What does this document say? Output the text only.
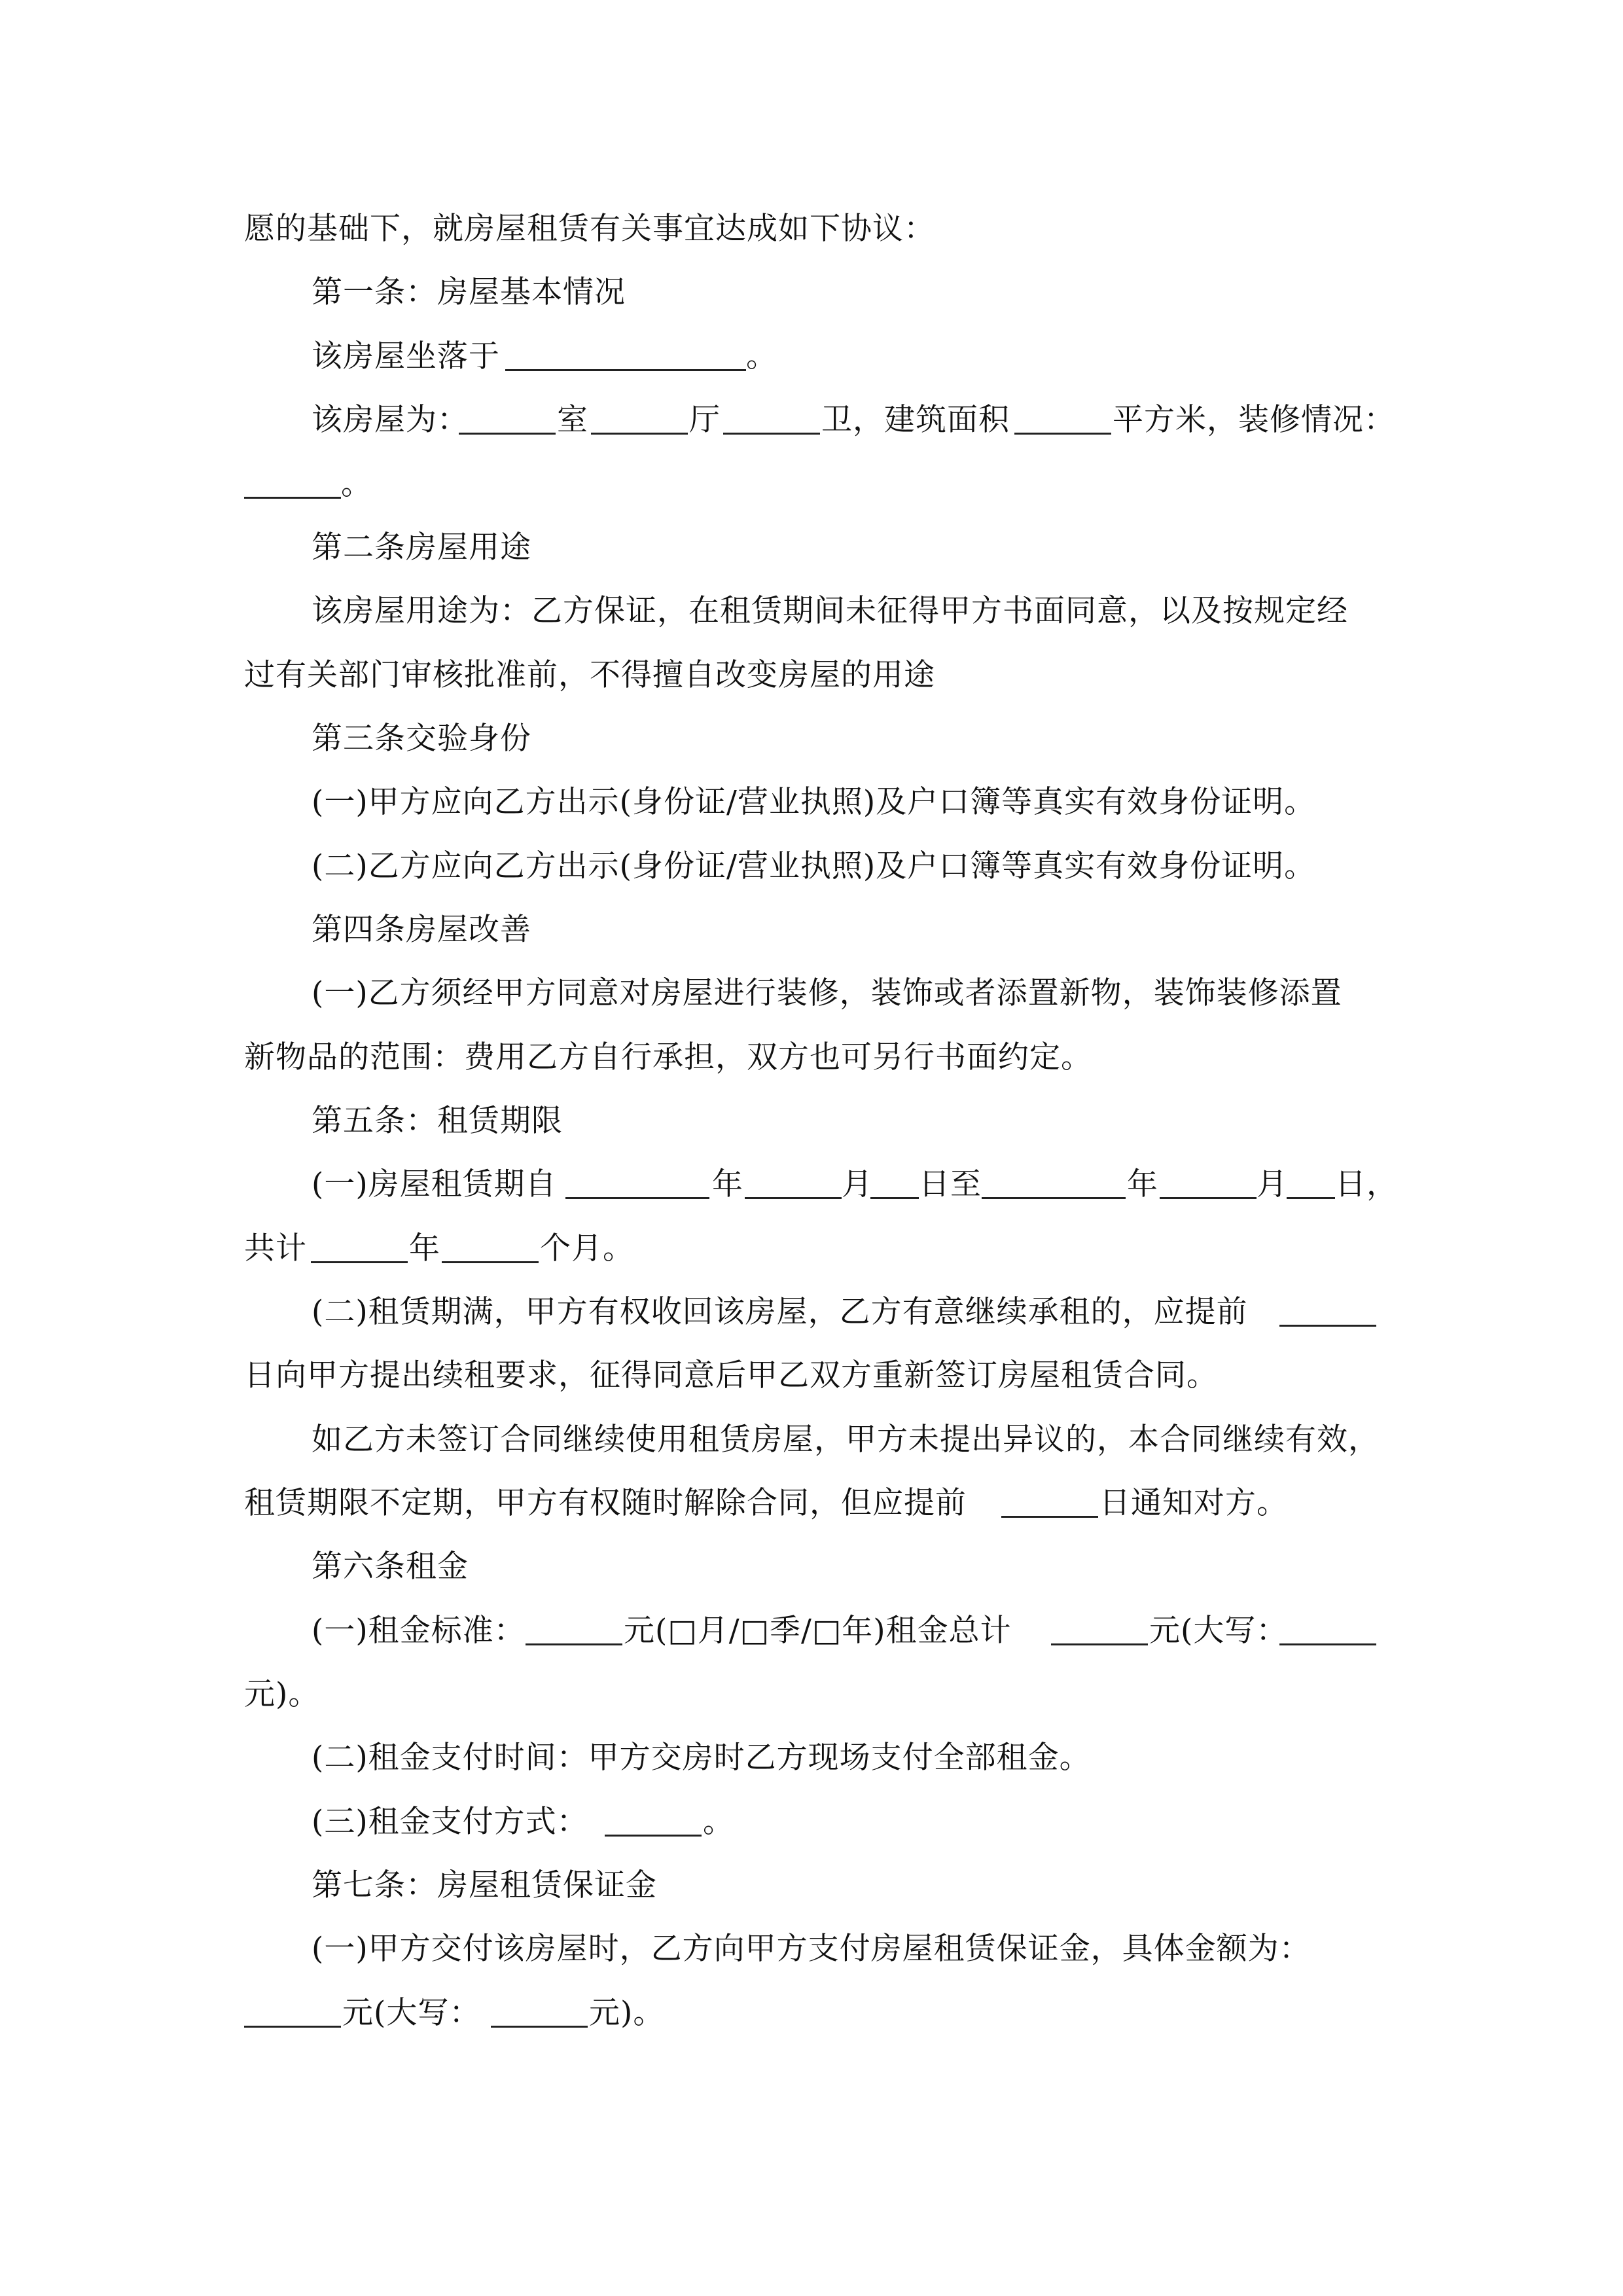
愿的基础下，就房屋租赁有关事宜达成如下协议：

第一条：房屋基本情况

该房屋坐落于

	。

该房屋为：

	室

	厅

	卫，建筑面积

	平方米，装修情况：

。

第二条房屋用途

该房屋用途为：乙方保证，在租赁期间未征得甲方书面同意，以及按规定经

过有关部门审核批准前，不得擅自改变房屋的用途

第三条交验身份

(一)甲方应向乙方出示(身份证/营业执照)及户口簿等真实有效身份证明。

(二)乙方应向乙方出示(身份证/营业执照)及户口簿等真实有效身份证明。

第四条房屋改善

(一)乙方须经甲方同意对房屋进行装修，装饰或者添置新物，装饰装修添置

新物品的范围：费用乙方自行承担，双方也可另行书面约定。

第五条：租赁期限

(一)房屋租赁期自

	年

	月

日至

	年

	月

日，

共计

	年

	个月。

(二)租赁期满，甲方有权收回该房屋，乙方有意继续承租的，应提前

日向甲方提出续租要求，征得同意后甲乙双方重新签订房屋租赁合同。

如乙方未签订合同继续使用租赁房屋，甲方未提出异议的，本合同继续有效，

租赁期限不定期，甲方有权随时解除合同，但应提前

	日通知对方。

第六条租金

(一)租金标准：

	元(□月/□季/□年)租金总计

	元(大写：

元)。

(二)租金支付时间：甲方交房时乙方现场支付全部租金。

(三)租金支付方式：

	。

第七条：房屋租赁保证金

(一)甲方交付该房屋时，乙方向甲方支付房屋租赁保证金，具体金额为：

元(大写：

	元)。
